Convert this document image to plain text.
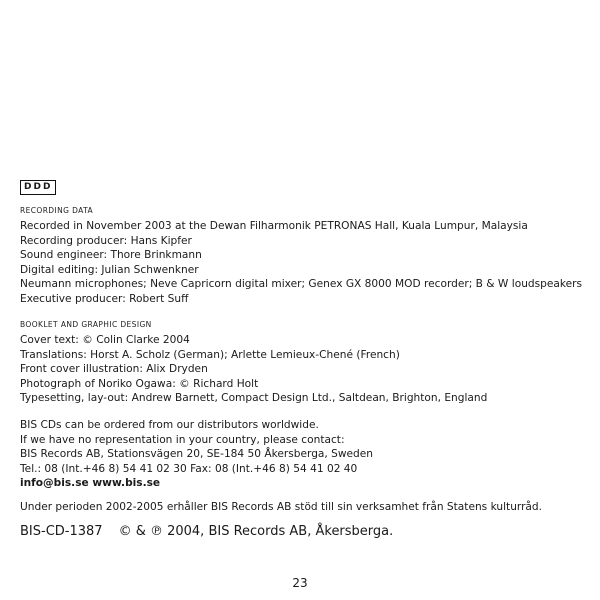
DDD
RECORDING DATA
Recorded in November 2003 at the Dewan Filharmonik PETRONAS Hall, Kuala Lumpur, Malaysia
Recording producer: Hans Kipfer
Sound engineer: Thore Brinkmann
Digital editing: Julian Schwenkner
Neumann microphones; Neve Capricorn digital mixer; Genex GX 8000 MOD recorder; B & W loudspeakers
Executive producer: Robert Suff
BOOKLET AND GRAPHIC DESIGN
Cover text: © Colin Clarke 2004
Translations: Horst A. Scholz (German); Arlette Lemieux-Chené (French)
Front cover illustration: Alix Dryden
Photograph of Noriko Ogawa: © Richard Holt
Typesetting, lay-out: Andrew Barnett, Compact Design Ltd., Saltdean, Brighton, England
BIS CDs can be ordered from our distributors worldwide.
If we have no representation in your country, please contact:
BIS Records AB, Stationsvägen 20, SE-184 50 Åkersberga, Sweden
Tel.: 08 (Int.+46 8) 54 41 02 30 Fax: 08 (Int.+46 8) 54 41 02 40
info@bis.se www.bis.se
Under perioden 2002-2005 erhåller BIS Records AB stöd till sin verksamhet från Statens kulturråd.
BIS-CD-1387 © & ℗ 2004, BIS Records AB, Åkersberga.
23
